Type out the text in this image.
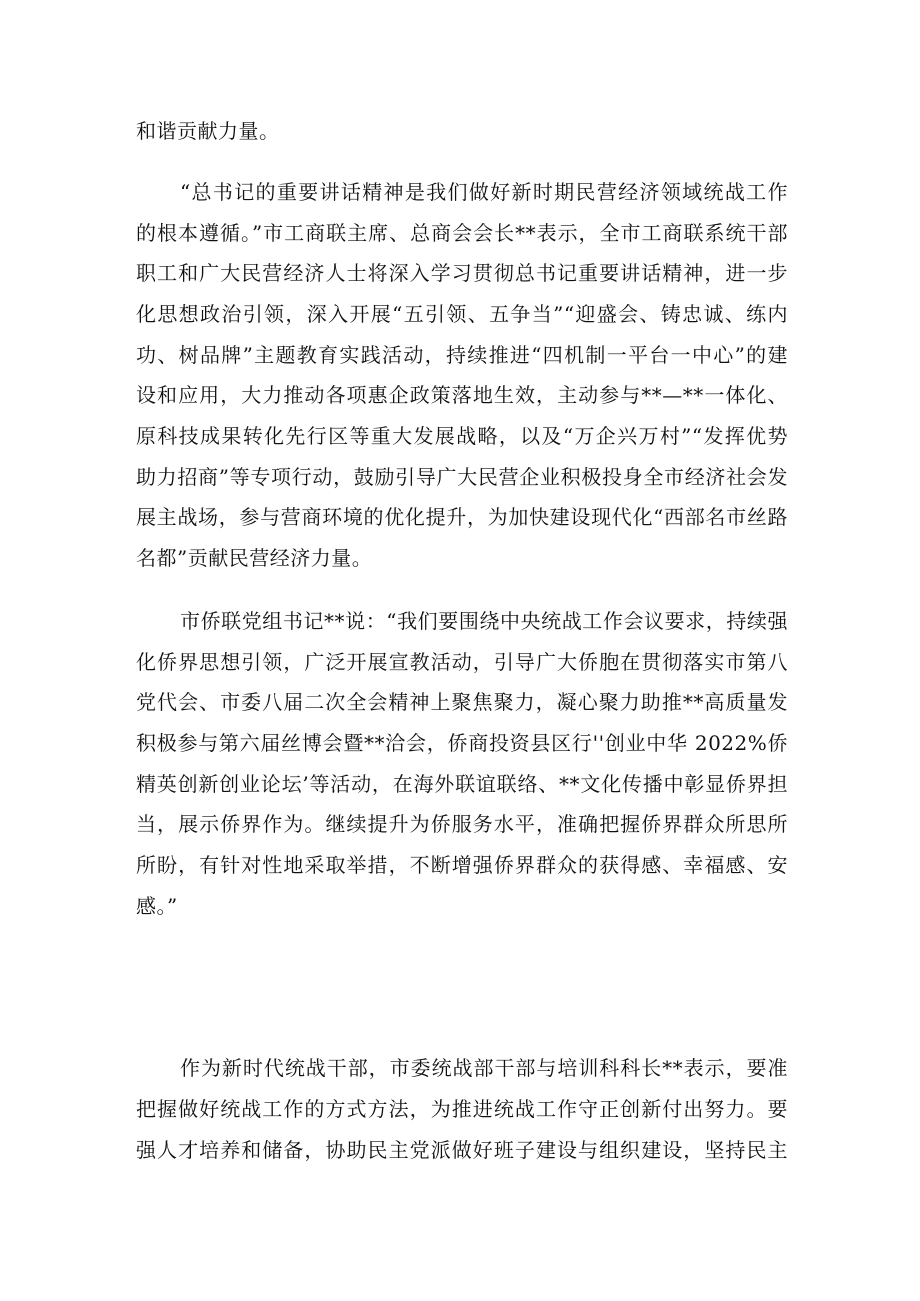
和谐贡献力量。
“总书记的重要讲话精神是我们做好新时期民营经济领域统战工作
的根本遵循。”市工商联主席、总商会会长**表示，全市工商联系统干部
职工和广大民营经济人士将深入学习贯彻总书记重要讲话精神，进一步
化思想政治引领，深入开展“五引领、五争当”“迎盛会、铸忠诚、练内
功、树品牌”主题教育实践活动，持续推进“四机制一平台一中心”的建
设和应用，大力推动各项惠企政策落地生效，主动参与**—**一体化、
原科技成果转化先行区等重大发展战略，以及“万企兴万村”“发挥优势
助力招商”等专项行动，鼓励引导广大民营企业积极投身全市经济社会发
展主战场，参与营商环境的优化提升，为加快建设现代化“西部名市丝路
名都”贡献民营经济力量。
市侨联党组书记**说：“我们要围绕中央统战工作会议要求，持续强
化侨界思想引领，广泛开展宣教活动，引导广大侨胞在贯彻落实市第八
党代会、市委八届二次全会精神上聚焦聚力，凝心聚力助推**高质量发
积极参与第六届丝博会暨**洽会，侨商投资县区行''创业中华 2022%侨
精英创新创业论坛’等活动，在海外联谊联络、**文化传播中彰显侨界担
当，展示侨界作为。继续提升为侨服务水平，准确把握侨界群众所思所
所盼，有针对性地采取举措，不断增强侨界群众的获得感、幸福感、安
感。”
作为新时代统战干部，市委统战部干部与培训科科长**表示，要准
把握做好统战工作的方式方法，为推进统战工作守正创新付出努力。要
强人才培养和储备，协助民主党派做好班子建设与组织建设，坚持民主
